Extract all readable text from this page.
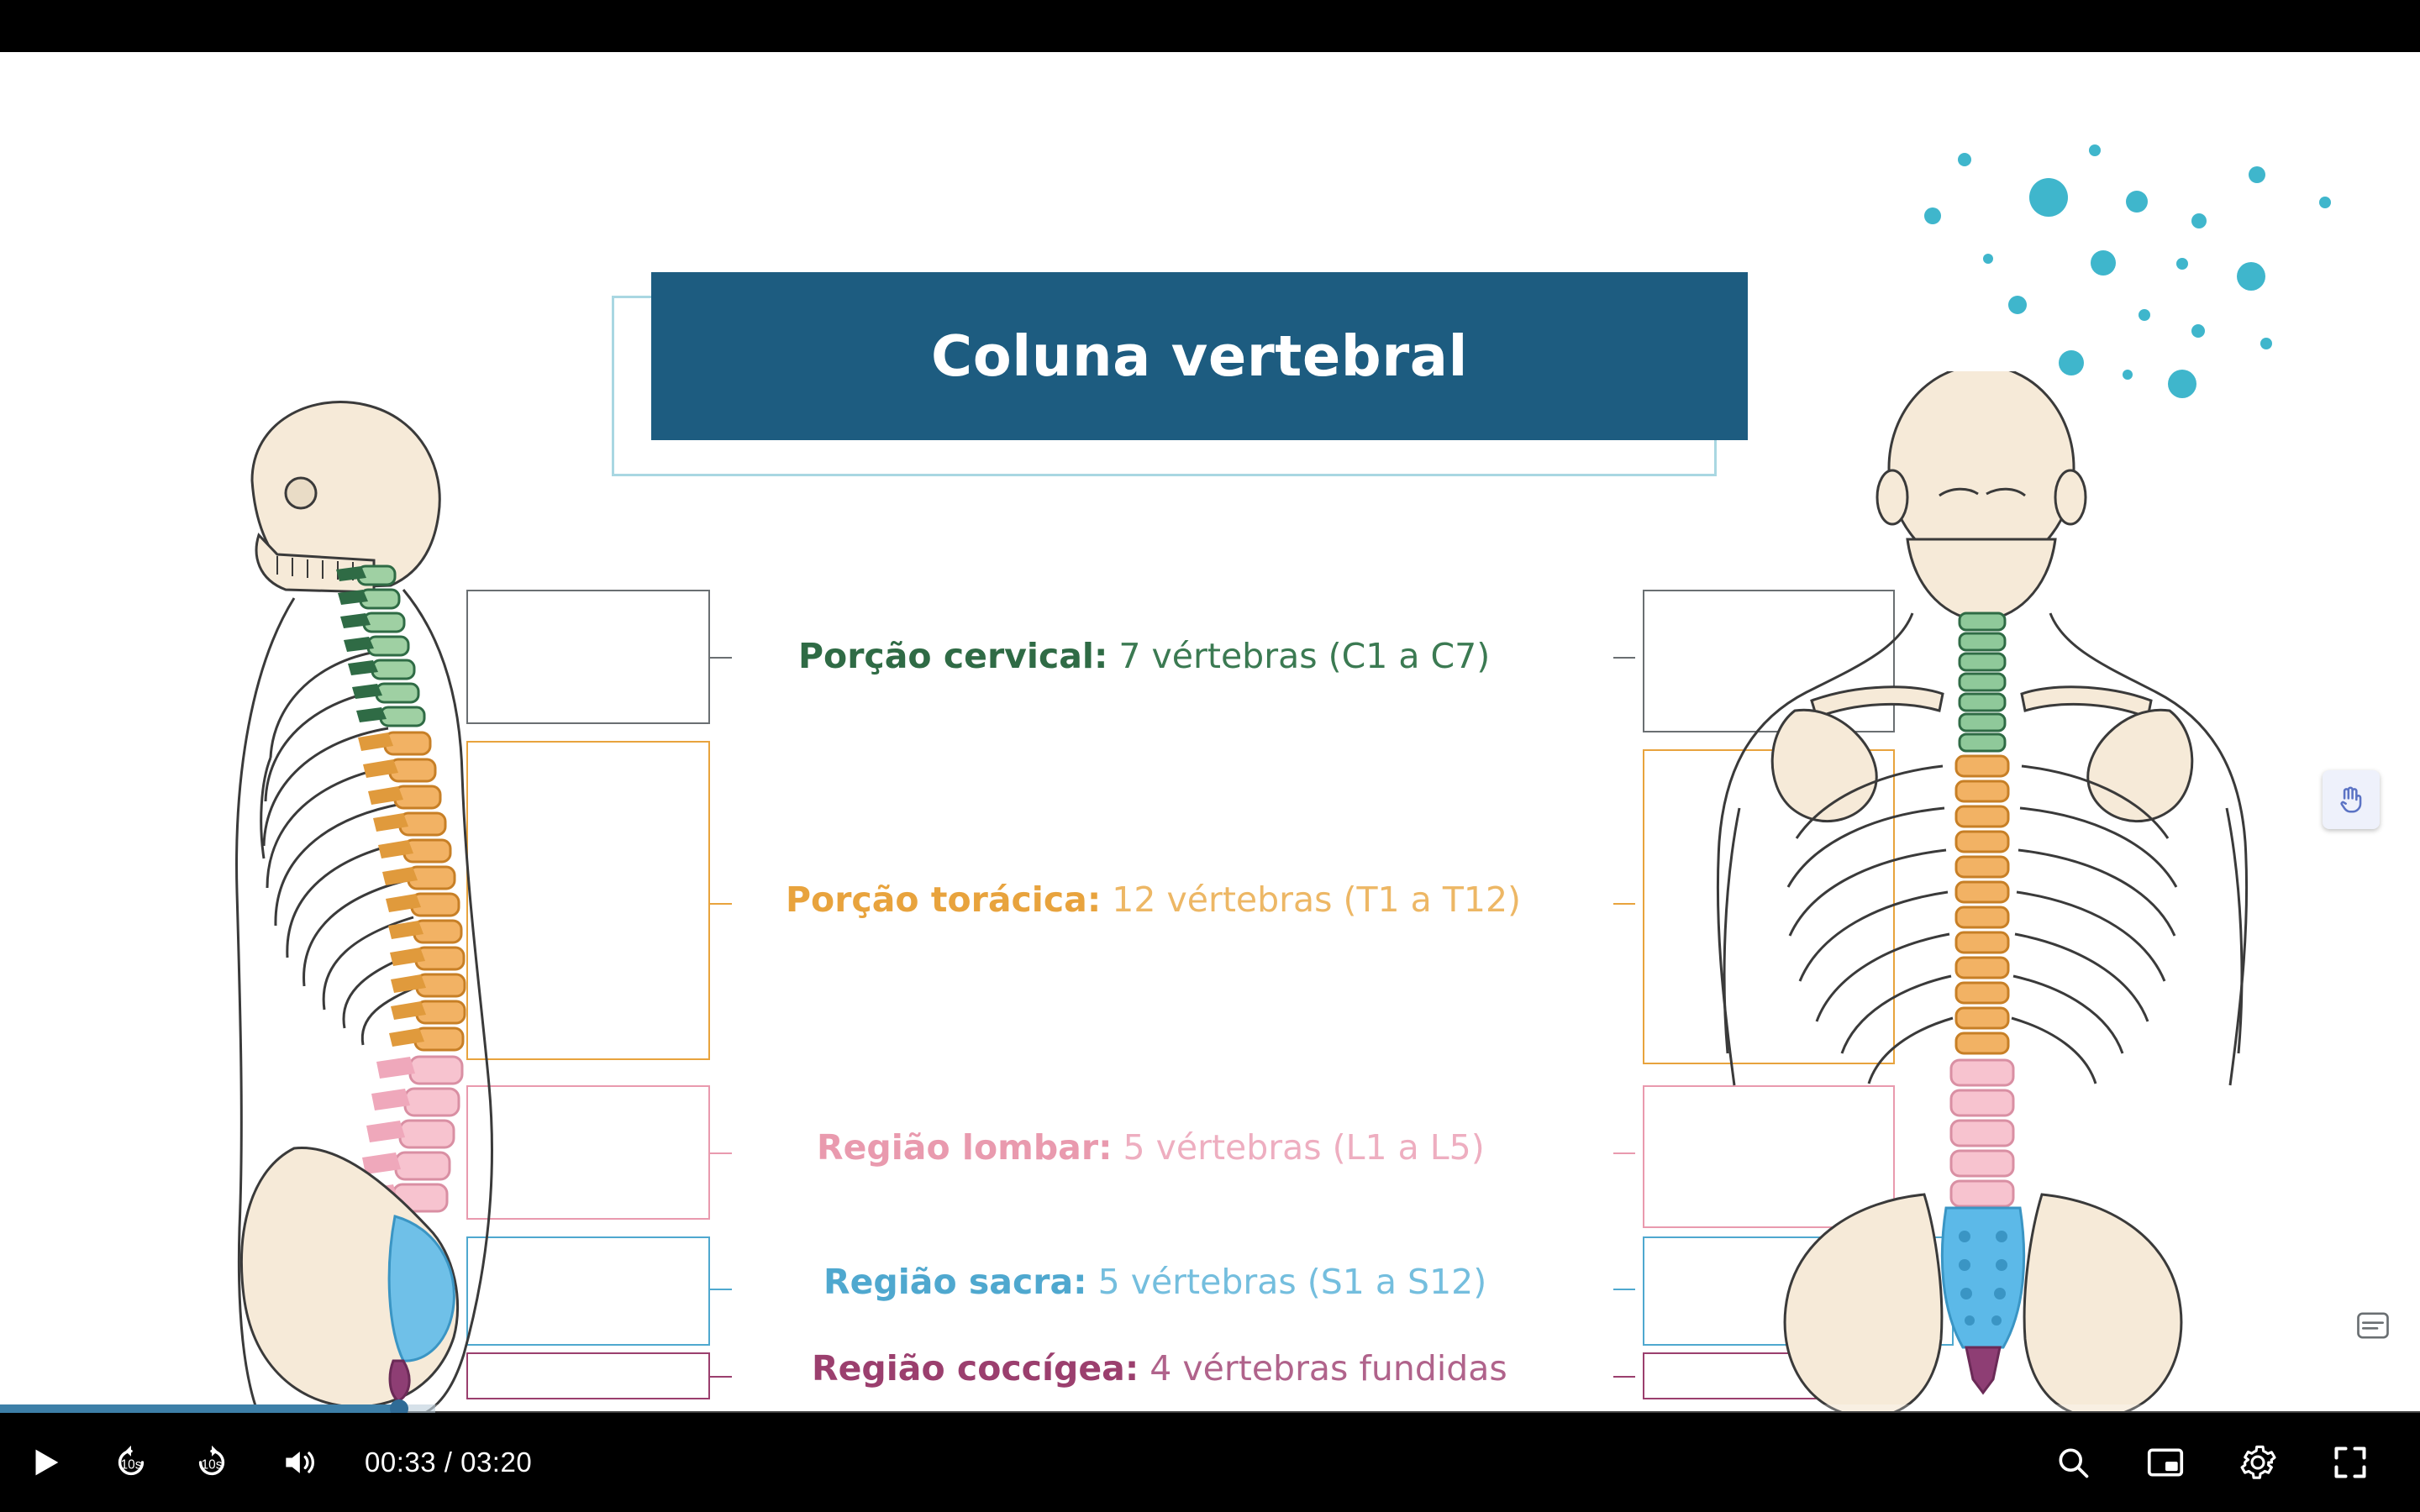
Coluna vertebral
Porção cervical: 7 vértebras (C1 a C7)
Porção torácica: 12 vértebras (T1 a T12)
Região lombar: 5 vértebras (L1 a L5)
Região sacra: 5 vértebras (S1 a S12)
Região coccígea: 4 vértebras fundidas
10s	10s	00:33 / 03:20
